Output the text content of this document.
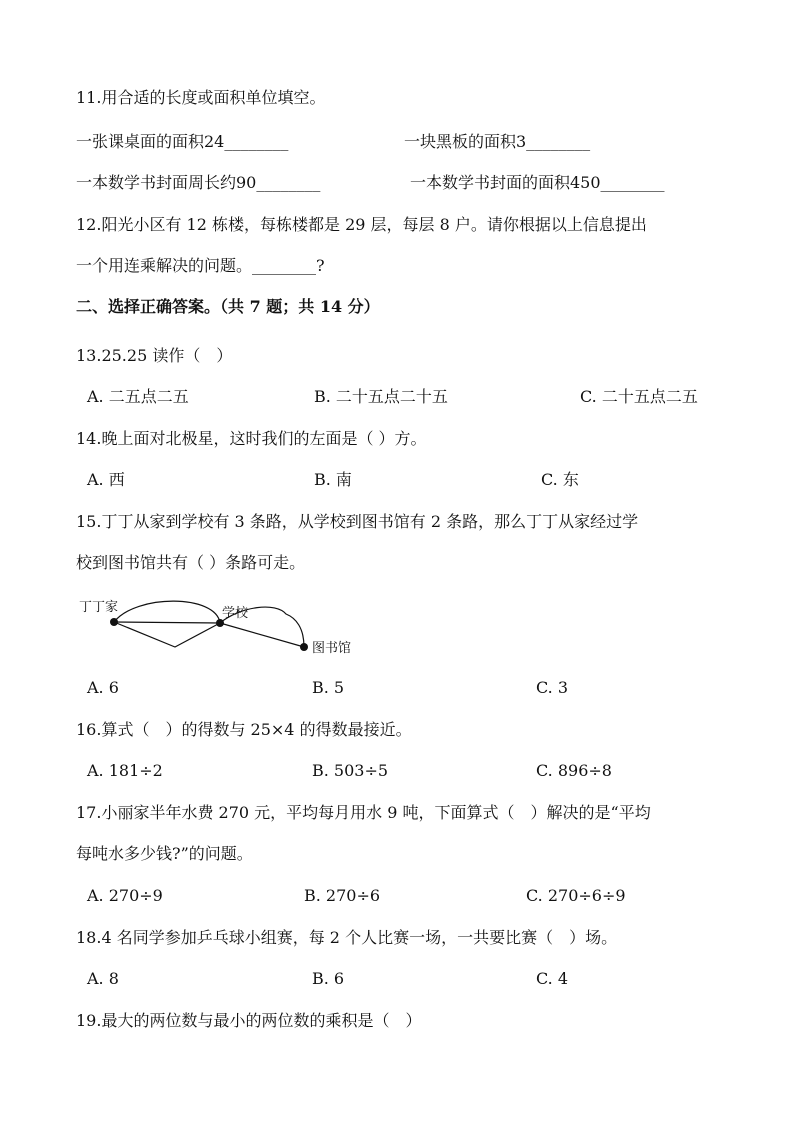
11.用合适的长度或面积单位填空。
一张课桌面的面积24________	一块黑板的面积3________
一本数学书封面周长约90________	一本数学书封面的面积450________
12.阳光小区有 12 栋楼，每栋楼都是 29 层，每层 8 户。请你根据以上信息提出
一个用连乘解决的问题。________?
二、选择正确答案。（共 7 题；共 14 分）
13.25.25 读作（　）
A. 二五点二五	B. 二十五点二十五	C. 二十五点二五
14.晚上面对北极星，这时我们的左面是（ ）方。
A. 西	B. 南	C. 东
15.丁丁从家到学校有 3 条路，从学校到图书馆有 2 条路，那么丁丁从家经过学
校到图书馆共有（ ）条路可走。
丁丁家	学校
图书馆
A. 6	B. 5	C. 3
16.算式（　）的得数与 25×4 的得数最接近。
A. 181÷2	B. 503÷5	C. 896÷8
17.小丽家半年水费 270 元，平均每月用水 9 吨，下面算式（　）解决的是“平均
每吨水多少钱?”的问题。
A. 270÷9	B. 270÷6	C. 270÷6÷9
18.4 名同学参加乒乓球小组赛，每 2 个人比赛一场，一共要比赛（　）场。
A. 8	B. 6	C. 4
19.最大的两位数与最小的两位数的乘积是（　）
